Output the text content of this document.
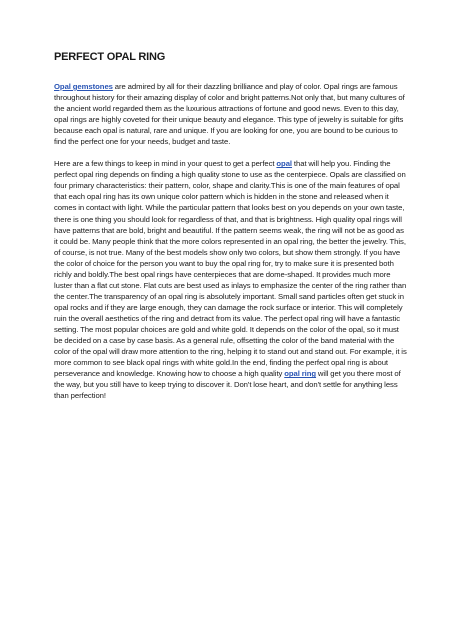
PERFECT OPAL RING

Opal gemstones are admired by all for their dazzling brilliance and play of color. Opal rings are famous throughout history for their amazing display of color and bright patterns.Not only that, but many cultures of the ancient world regarded them as the luxurious attractions of fortune and good news. Even to this day, opal rings are highly coveted for their unique beauty and elegance. This type of jewelry is suitable for gifts because each opal is natural, rare and unique. If you are looking for one, you are bound to be curious to find the perfect one for your needs, budget and taste.

Here are a few things to keep in mind in your quest to get a perfect opal that will help you. Finding the perfect opal ring depends on finding a high quality stone to use as the centerpiece. Opals are classified on four primary characteristics: their pattern, color, shape and clarity.This is one of the main features of opal that each opal ring has its own unique color pattern which is hidden in the stone and released when it comes in contact with light. While the particular pattern that looks best on you depends on your own taste, there is one thing you should look for regardless of that, and that is brightness. High quality opal rings will have patterns that are bold, bright and beautiful. If the pattern seems weak, the ring will not be as good as it could be. Many people think that the more colors represented in an opal ring, the better the jewelry. This, of course, is not true. Many of the best models show only two colors, but show them strongly. If you have the color of choice for the person you want to buy the opal ring for, try to make sure it is presented both richly and boldly.The best opal rings have centerpieces that are dome-shaped. It provides much more luster than a flat cut stone. Flat cuts are best used as inlays to emphasize the center of the ring rather than the center.The transparency of an opal ring is absolutely important. Small sand particles often get stuck in opal rocks and if they are large enough, they can damage the rock surface or interior. This will completely ruin the overall aesthetics of the ring and detract from its value. The perfect opal ring will have a fantastic setting. The most popular choices are gold and white gold. It depends on the color of the opal, so it must be decided on a case by case basis. As a general rule, offsetting the color of the band material with the color of the opal will draw more attention to the ring, helping it to stand out and stand out. For example, it is more common to see black opal rings with white gold.In the end, finding the perfect opal ring is about perseverance and knowledge. Knowing how to choose a high quality opal ring will get you there most of the way, but you still have to keep trying to discover it. Don't lose heart, and don't settle for anything less than perfection!
